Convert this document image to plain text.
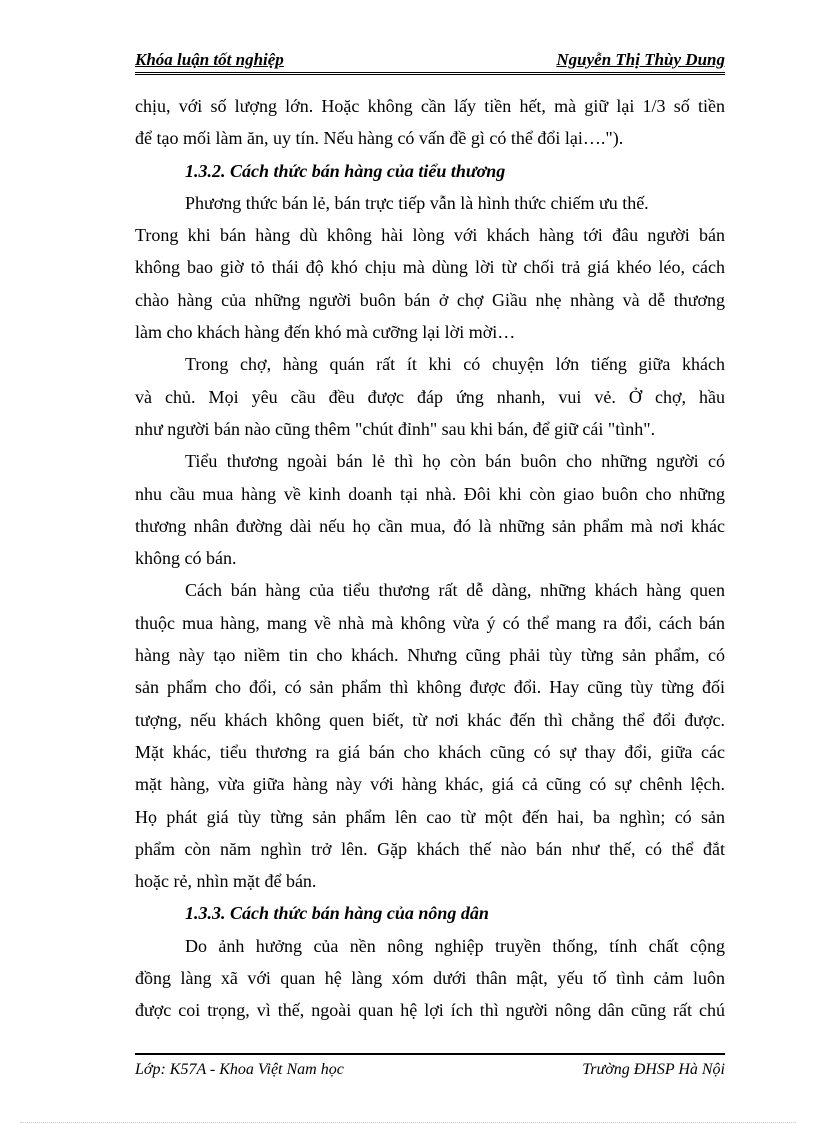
Khóa luận tốt nghiệp	Nguyễn Thị Thùy Dung
chịu, với số lượng lớn. Hoặc không cần lấy tiền hết, mà giữ lại 1/3 số tiền
để tạo mối làm ăn, uy tín. Nếu hàng có vấn đề gì có thể đổi lại….").
1.3.2. Cách thức bán hàng của tiểu thương
Phương thức bán lẻ, bán trực tiếp vẫn là hình thức chiếm ưu thế.
Trong khi bán hàng dù không hài lòng với khách hàng tới đâu người bán
không bao giờ tỏ thái độ khó chịu mà dùng lời từ chối trả giá khéo léo, cách
chào hàng của những người buôn bán ở chợ Giầu nhẹ nhàng và dễ thương
làm cho khách hàng đến khó mà cưỡng lại lời mời…
Trong chợ, hàng quán rất ít khi có chuyện lớn tiếng giữa khách
và chủ. Mọi yêu cầu đều được đáp ứng nhanh, vui vẻ. Ở chợ, hầu
như người bán nào cũng thêm "chút đỉnh" sau khi bán, để giữ cái "tình".
Tiểu thương ngoài bán lẻ thì họ còn bán buôn cho những người có
nhu cầu mua hàng về kinh doanh tại nhà. Đôi khi còn giao buôn cho những
thương nhân đường dài nếu họ cần mua, đó là những sản phẩm mà nơi khác
không có bán.
Cách bán hàng của tiểu thương rất dễ dàng, những khách hàng quen
thuộc mua hàng, mang về nhà mà không vừa ý có thể mang ra đổi, cách bán
hàng này tạo niềm tin cho khách. Nhưng cũng phải tùy từng sản phẩm, có
sản phẩm cho đổi, có sản phẩm thì không được đổi. Hay cũng tùy từng đối
tượng, nếu khách không quen biết, từ nơi khác đến thì chẳng thể đổi được.
Mặt khác, tiểu thương ra giá bán cho khách cũng có sự thay đổi, giữa các
mặt hàng, vừa giữa hàng này với hàng khác, giá cả cũng có sự chênh lệch.
Họ phát giá tùy từng sản phẩm lên cao từ một đến hai, ba nghìn; có sản
phẩm còn năm nghìn trở lên. Gặp khách thế nào bán như thế, có thể đắt
hoặc rẻ, nhìn mặt để bán.
1.3.3. Cách thức bán hàng của nông dân
Do ảnh hưởng của nền nông nghiệp truyền thống, tính chất cộng
đồng làng xã với quan hệ làng xóm dưới thân mật, yếu tố tình cảm luôn
được coi trọng, vì thế, ngoài quan hệ lợi ích thì người nông dân cũng rất chú
Lớp: K57A - Khoa Việt Nam học	Trường ĐHSP Hà Nội
